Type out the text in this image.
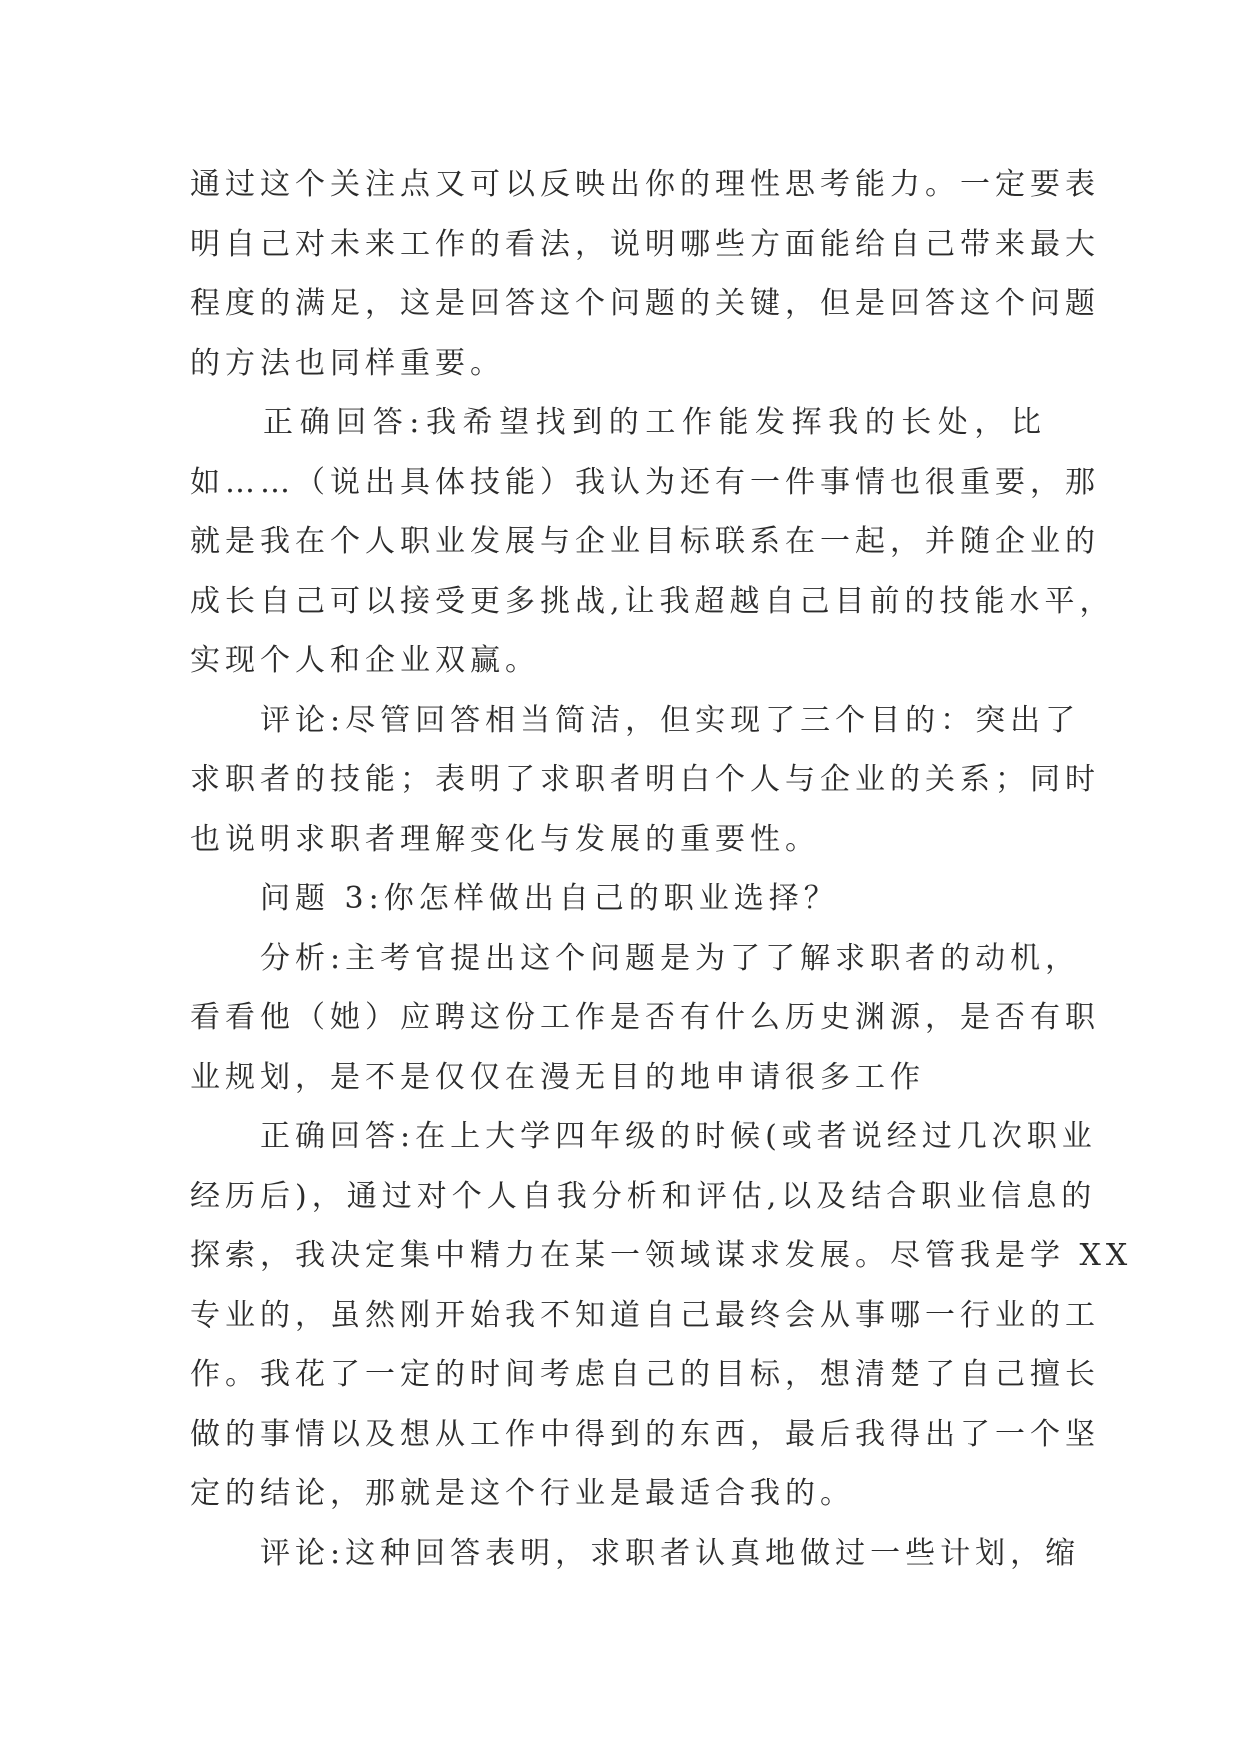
通过这个关注点又可以反映出你的理性思考能力。一定要表
明自己对未来工作的看法，说明哪些方面能给自己带来最大
程度的满足，这是回答这个问题的关键，但是回答这个问题
的方法也同样重要。
正确回答:我希望找到的工作能发挥我的长处，比
如……（说出具体技能）我认为还有一件事情也很重要，那
就是我在个人职业发展与企业目标联系在一起，并随企业的
成长自己可以接受更多挑战,让我超越自己目前的技能水平，
实现个人和企业双赢。
评论:尽管回答相当简洁，但实现了三个目的：突出了
求职者的技能；表明了求职者明白个人与企业的关系；同时
也说明求职者理解变化与发展的重要性。
问题 3:你怎样做出自己的职业选择？
分析:主考官提出这个问题是为了了解求职者的动机，
看看他（她）应聘这份工作是否有什么历史渊源，是否有职
业规划，是不是仅仅在漫无目的地申请很多工作
正确回答:在上大学四年级的时候(或者说经过几次职业
经历后)，通过对个人自我分析和评估,以及结合职业信息的
探索，我决定集中精力在某一领域谋求发展。尽管我是学 XX
专业的，虽然刚开始我不知道自己最终会从事哪一行业的工
作。我花了一定的时间考虑自己的目标，想清楚了自己擅长
做的事情以及想从工作中得到的东西，最后我得出了一个坚
定的结论，那就是这个行业是最适合我的。
评论:这种回答表明，求职者认真地做过一些计划，缩
